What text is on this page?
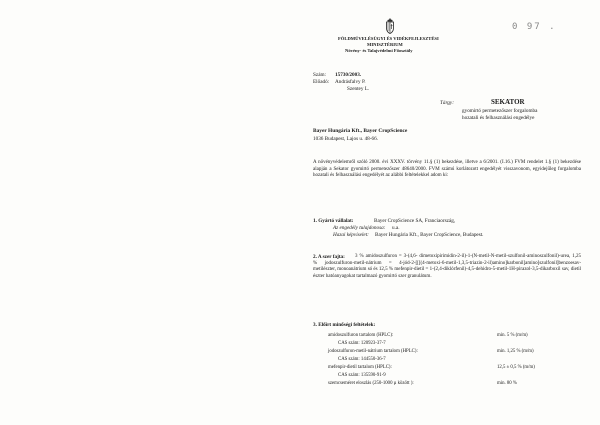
FÖLDMŰVELÉSÜGYI ÉS VIDÉKFEJLESZTÉSI
MINISZTÉRIUM
Növény- és Talajvédelmi Főosztály
0 97 .
Szám: 15730/2003.
Előadó: Andrásfalvy P.
Szentey L.
Tárgy:	SEKATOR
gyomirtó permetezőszer forgalomba
hozatali és felhasználási engedélye
Bayer Hungária Kft., Bayer CropScience
1036 Budapest, Lajos u. 48-66.
A növényvédelemről szóló 2000. évi XXXV. törvény 11.§ (1) bekezdése, illetve a 6/2001. (I.16.) FVM rendelet 1.§ (1) bekezdése alapján a Sekator gyomirtó permetezőszer 48640/2000. FVM számú korlátozott engedélyét visszavonom, egyidejűleg forgalomba hozatali és felhasználási engedélyét az alábbi feltételekkel adom ki:
1. Gyártó vállalat:	Bayer CropScience SA, Franciaország,
Az engedély tulajdonosa: u.a.
Hazai képviselet: Bayer Hungária Kft., Bayer CropScience, Budapest.
2. A szer fajta:	3 % amidoszulfuron = 3-(4,6- dimetoxipirimidin-2-il)-1-(N-metil-N-metil-szulfonil-aminoszulfonil)-urea, 1,25 % jodoszulfuron-metil-nátrium = 4-jód-2-[[[(4-metoxi-6-metil-1,3,5-triazin-2-il)amino]karbonil]amino]szulfonil]benzoesav-metilészter, monoanátrium só és 12,5 % mefenpir-dietil = 1-(2,4-diklórfenil)-4,5-dehidro-5-metil-1H-pirazol-3,5-dikarboxil sav, dietil észter hatóanyagokat tartalmazó gyomirtó szer granulátum.
3. Előírt minőségi feltételek:
amidoszulfuron tartalom (HPLC):	min. 5 % (m/m)
CAS szám: 120923-37-7
jodoszulfuron-metil-nátrium tartalom (HPLC):	min. 1,25 % (m/m)
CAS szám: 144550-36-7
mefenpir-dietil tartalom (HPLC):	12,5 ± 0,5 % (m/m)
CAS szám: 135590-91-9
szemcseméret eloszlás (250-1000 µ között ):	min. 80 %
